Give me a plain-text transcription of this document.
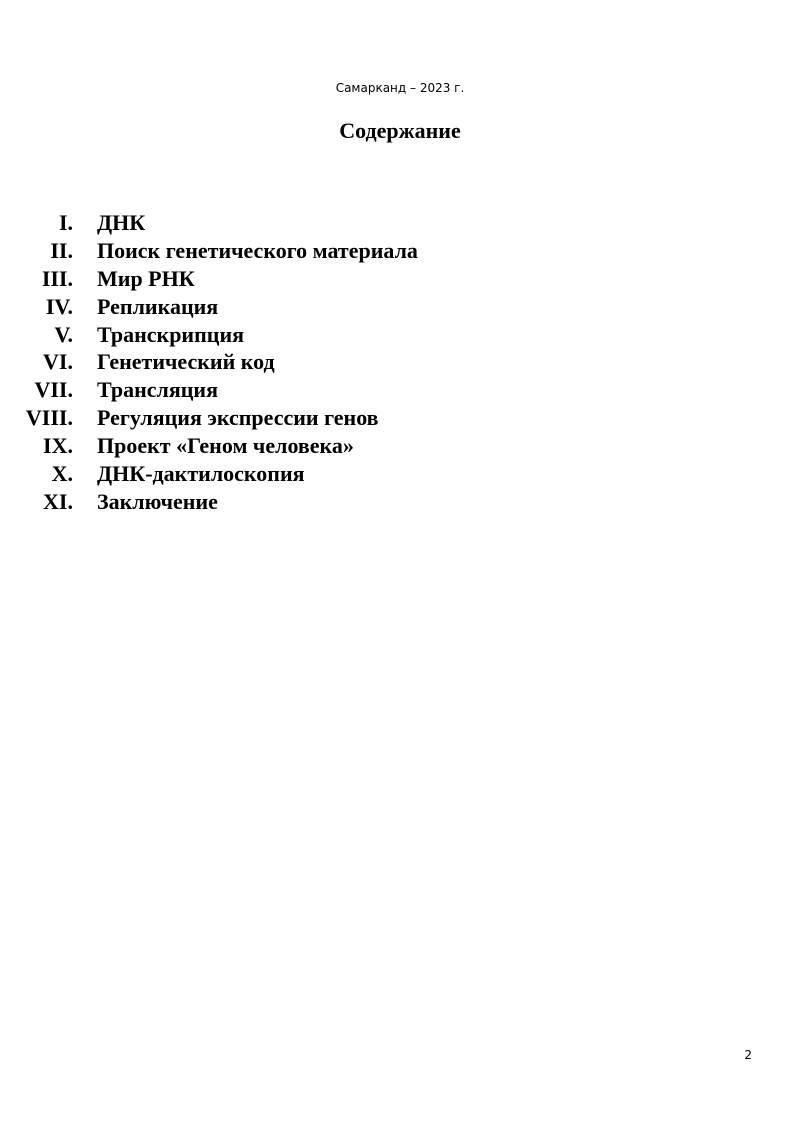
Самарканд – 2023 г.
Содержание
I. ДНК
II. Поиск генетического материала
III. Мир РНК
IV. Репликация
V. Транскрипция
VI. Генетический код
VII. Трансляция
VIII. Регуляция экспрессии генов
IX. Проект «Геном человека»
X. ДНК-дактилоскопия
XI. Заключение
2
